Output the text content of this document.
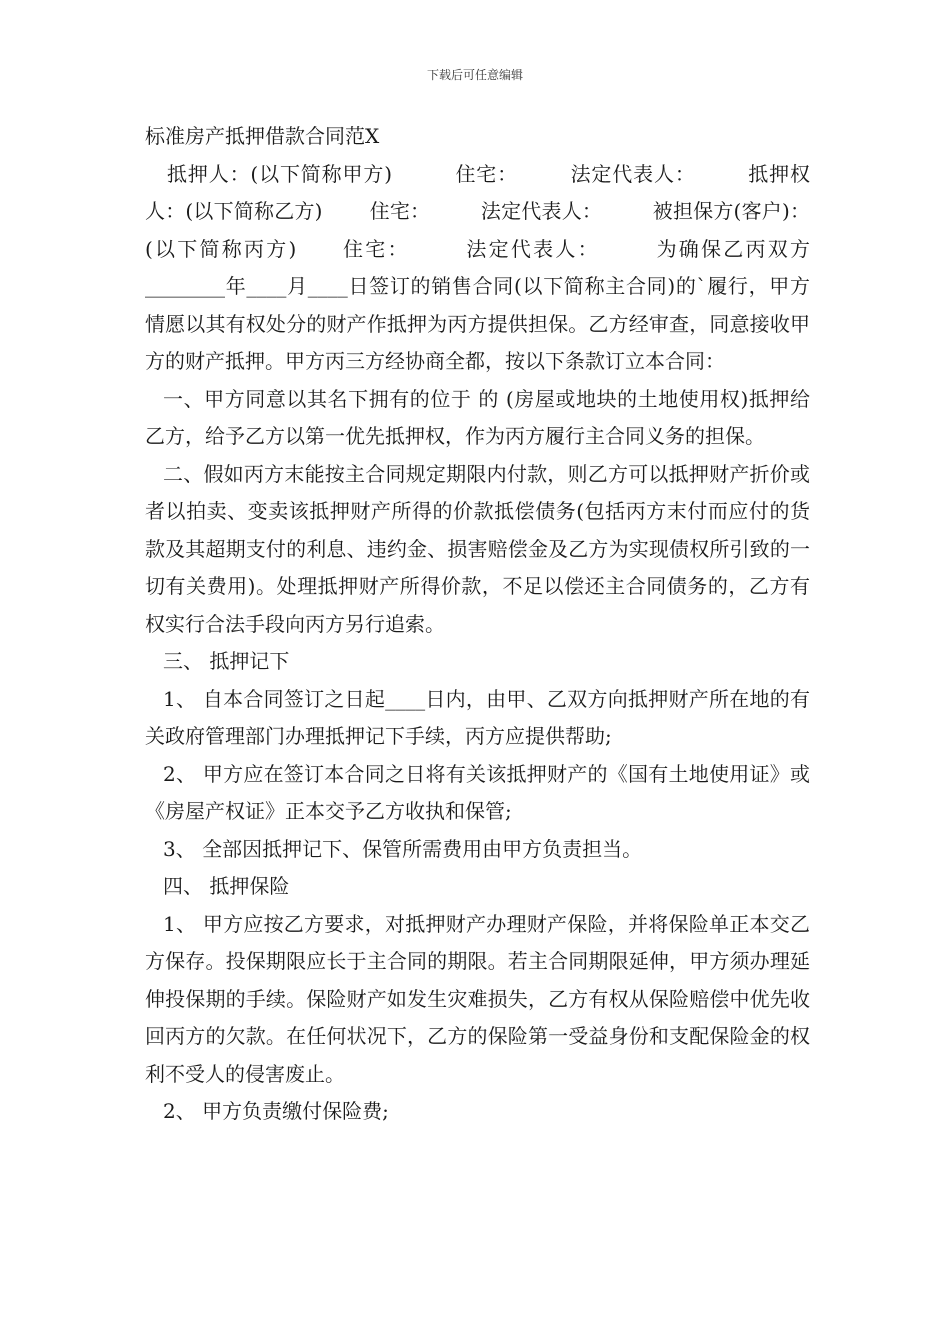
下载后可任意编辑
标准房产抵押借款合同范X

抵押人：(以下简称甲方)　　　住宅：　　　法定代表人：　　　抵押权人：(以下简称乙方)　　 住宅：　　　法定代表人：　　　被担保方(客户)：(以下简称丙方)　　住宅：　　　法定代表人：　　　为确保乙丙双方________年____月____日签订的销售合同(以下简称主合同)的`履行，甲方情愿以其有权处分的财产作抵押为丙方提供担保。乙方经审查，同意接收甲方的财产抵押。甲方丙三方经协商全都，按以下条款订立本合同：

一、甲方同意以其名下拥有的位于 的 (房屋或地块的土地使用权)抵押给乙方，给予乙方以第一优先抵押权，作为丙方履行主合同义务的担保。

二、假如丙方末能按主合同规定期限内付款，则乙方可以抵押财产折价或者以拍卖、变卖该抵押财产所得的价款抵偿债务(包括丙方末付而应付的货款及其超期支付的利息、违约金、损害赔偿金及乙方为实现债权所引致的一切有关费用)。处理抵押财产所得价款，不足以偿还主合同债务的，乙方有权实行合法手段向丙方另行追索。

三、 抵押记下

1、 自本合同签订之日起____日内，由甲、乙双方向抵押财产所在地的有关政府管理部门办理抵押记下手续，丙方应提供帮助;

2、 甲方应在签订本合同之日将有关该抵押财产的《国有土地使用证》或《房屋产权证》正本交予乙方收执和保管;

3、 全部因抵押记下、保管所需费用由甲方负责担当。

四、 抵押保险

1、 甲方应按乙方要求，对抵押财产办理财产保险，并将保险单正本交乙方保存。投保期限应长于主合同的期限。若主合同期限延伸，甲方须办理延伸投保期的手续。保险财产如发生灾难损失，乙方有权从保险赔偿中优先收回丙方的欠款。在任何状况下，乙方的保险第一受益身份和支配保险金的权利不受人的侵害废止。

2、 甲方负责缴付保险费;
